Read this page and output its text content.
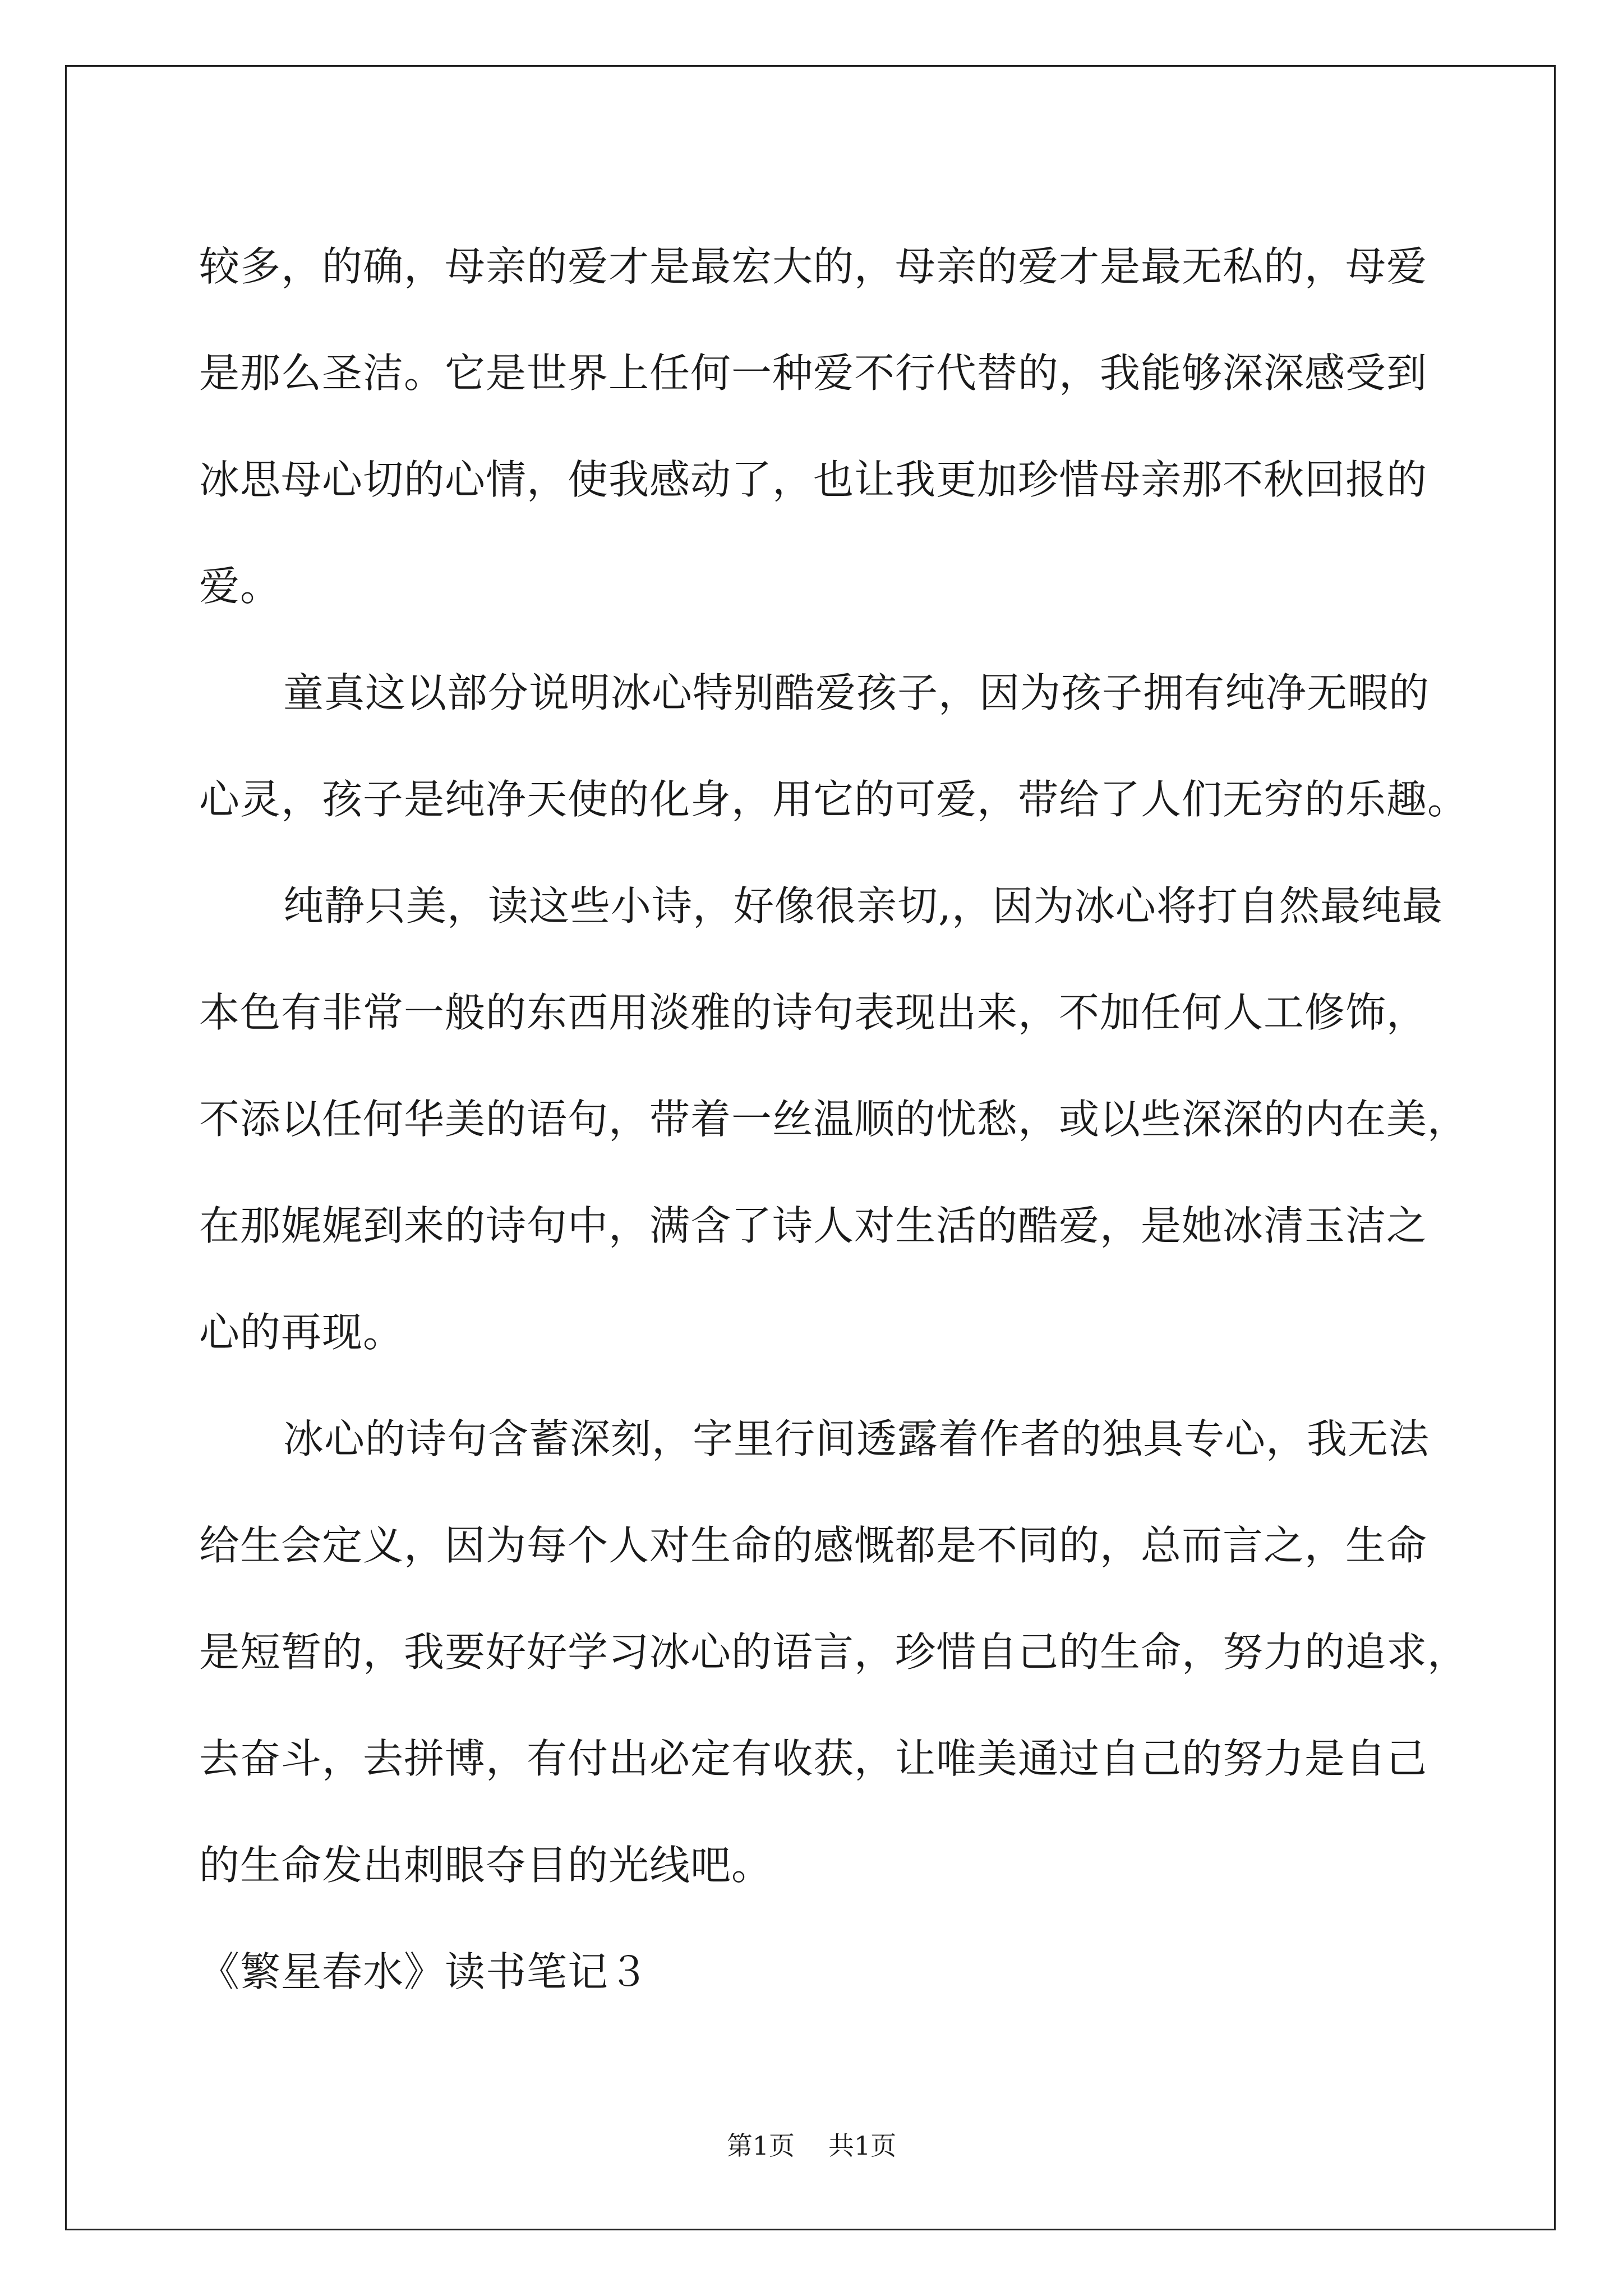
较多，的确，母亲的爱才是最宏大的，母亲的爱才是最无私的，母爱
是那么圣洁。它是世界上任何一种爱不行代替的，我能够深深感受到
冰思母心切的心情，使我感动了，也让我更加珍惜母亲那不秋回报的
爱。
童真这以部分说明冰心特别酷爱孩子，因为孩子拥有纯净无暇的
心灵，孩子是纯净天使的化身，用它的可爱，带给了人们无穷的乐趣。
纯静只美，读这些小诗，好像很亲切,，因为冰心将打自然最纯最
本色有非常一般的东西用淡雅的诗句表现出来，不加任何人工修饰，
不添以任何华美的语句，带着一丝温顺的忧愁，或以些深深的内在美，
在那娓娓到来的诗句中，满含了诗人对生活的酷爱，是她冰清玉洁之
心的再现。
冰心的诗句含蓄深刻，字里行间透露着作者的独具专心，我无法
给生会定义，因为每个人对生命的感慨都是不同的，总而言之，生命
是短暂的，我要好好学习冰心的语言，珍惜自己的生命，努力的追求，
去奋斗，去拼博，有付出必定有收获，让唯美通过自己的努力是自己
的生命发出刺眼夺目的光线吧。
《繁星春水》读书笔记３
第1页 共1页
